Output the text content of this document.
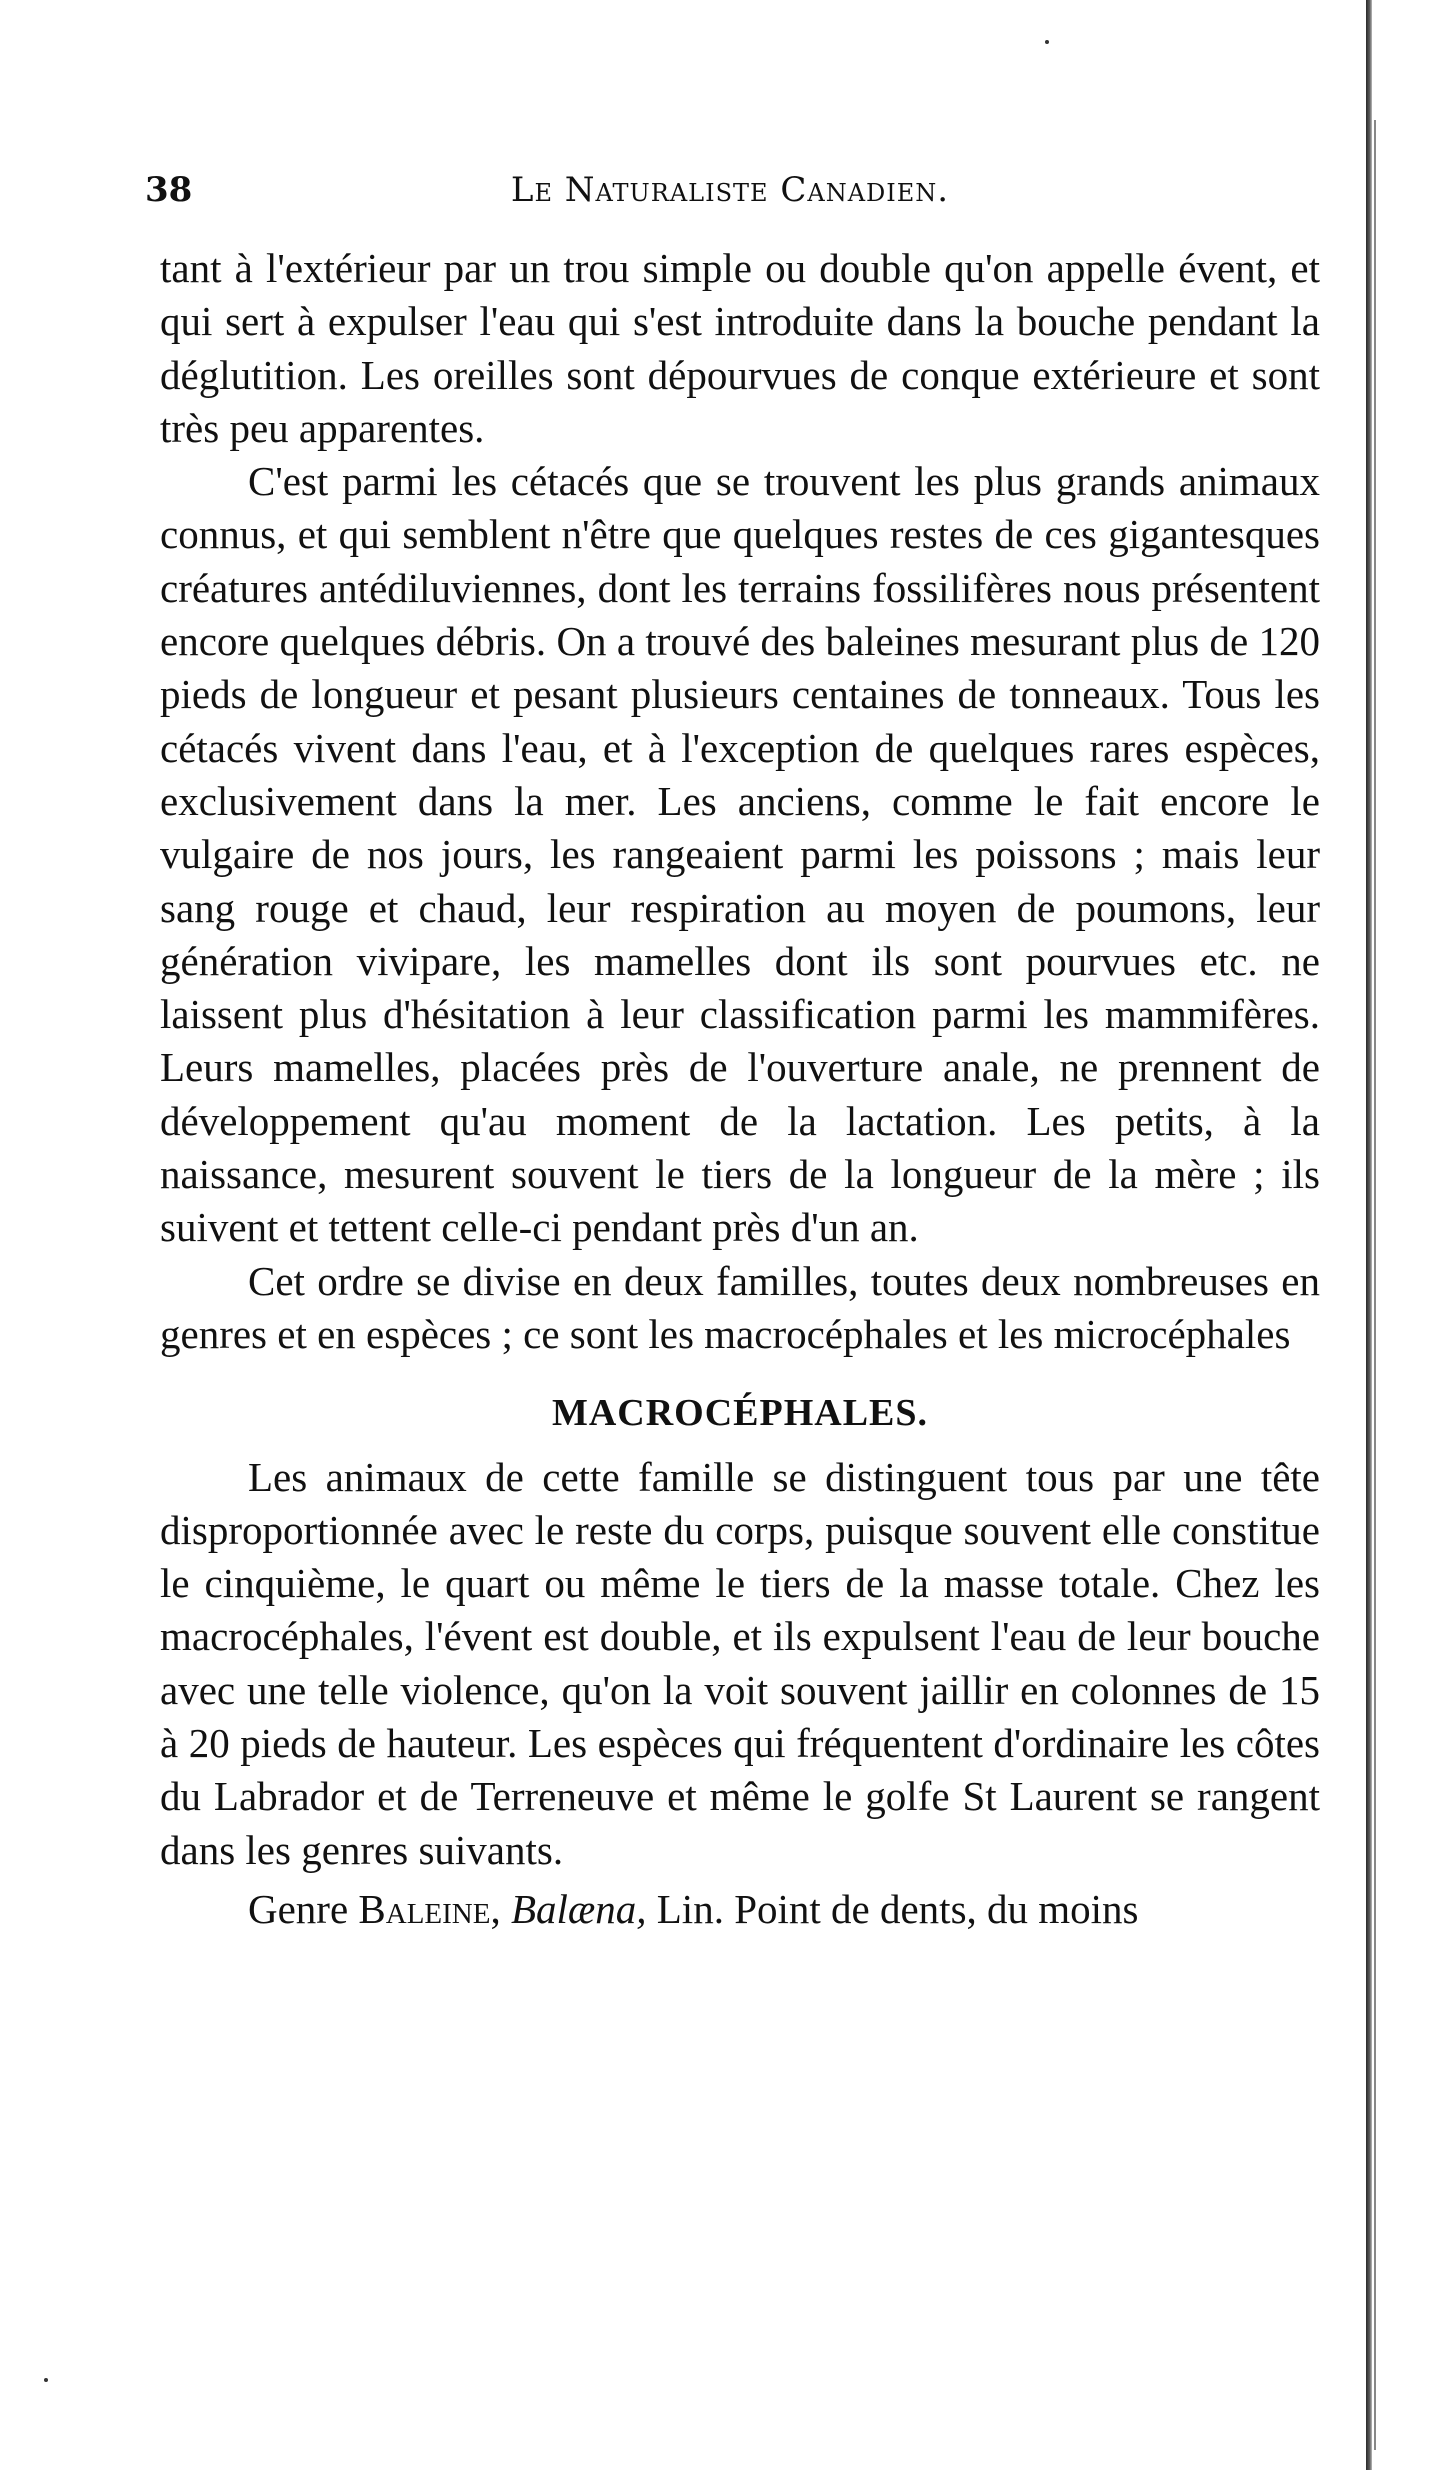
38	Le Naturaliste Canadien.

tant à l'extérieur par un trou simple ou double qu'on appelle évent, et qui sert à expulser l'eau qui s'est introduite dans la bouche pendant la déglutition. Les oreilles sont dépourvues de conque extérieure et sont très peu apparentes.

C'est parmi les cétacés que se trouvent les plus grands animaux connus, et qui semblent n'être que quelques restes de ces gigantesques créatures antédiluviennes, dont les terrains fossilifères nous présentent encore quelques débris. On a trouvé des baleines mesurant plus de 120 pieds de longueur et pesant plusieurs centaines de tonneaux. Tous les cétacés vivent dans l'eau, et à l'exception de quelques rares espèces, exclusivement dans la mer. Les anciens, comme le fait encore le vulgaire de nos jours, les rangeaient parmi les poissons ; mais leur sang rouge et chaud, leur respiration au moyen de poumons, leur génération vivipare, les mamelles dont ils sont pourvues etc. ne laissent plus d'hésitation à leur classification parmi les mammifères. Leurs mamelles, placées près de l'ouverture anale, ne prennent de développement qu'au moment de la lactation. Les petits, à la naissance, mesurent souvent le tiers de la longueur de la mère ; ils suivent et tettent celle-ci pendant près d'un an.

Cet ordre se divise en deux familles, toutes deux nombreuses en genres et en espèces ; ce sont les macrocéphales et les microcéphales

MACROCÉPHALES.

Les animaux de cette famille se distinguent tous par une tête disproportionnée avec le reste du corps, puisque souvent elle constitue le cinquième, le quart ou même le tiers de la masse totale. Chez les macrocéphales, l'évent est double, et ils expulsent l'eau de leur bouche avec une telle violence, qu'on la voit souvent jaillir en colonnes de 15 à 20 pieds de hauteur. Les espèces qui fréquentent d'ordinaire les côtes du Labrador et de Terreneuve et même le golfe St Laurent se rangent dans les genres suivants.

Genre Baleine, Balæna, Lin. Point de dents, du moins
